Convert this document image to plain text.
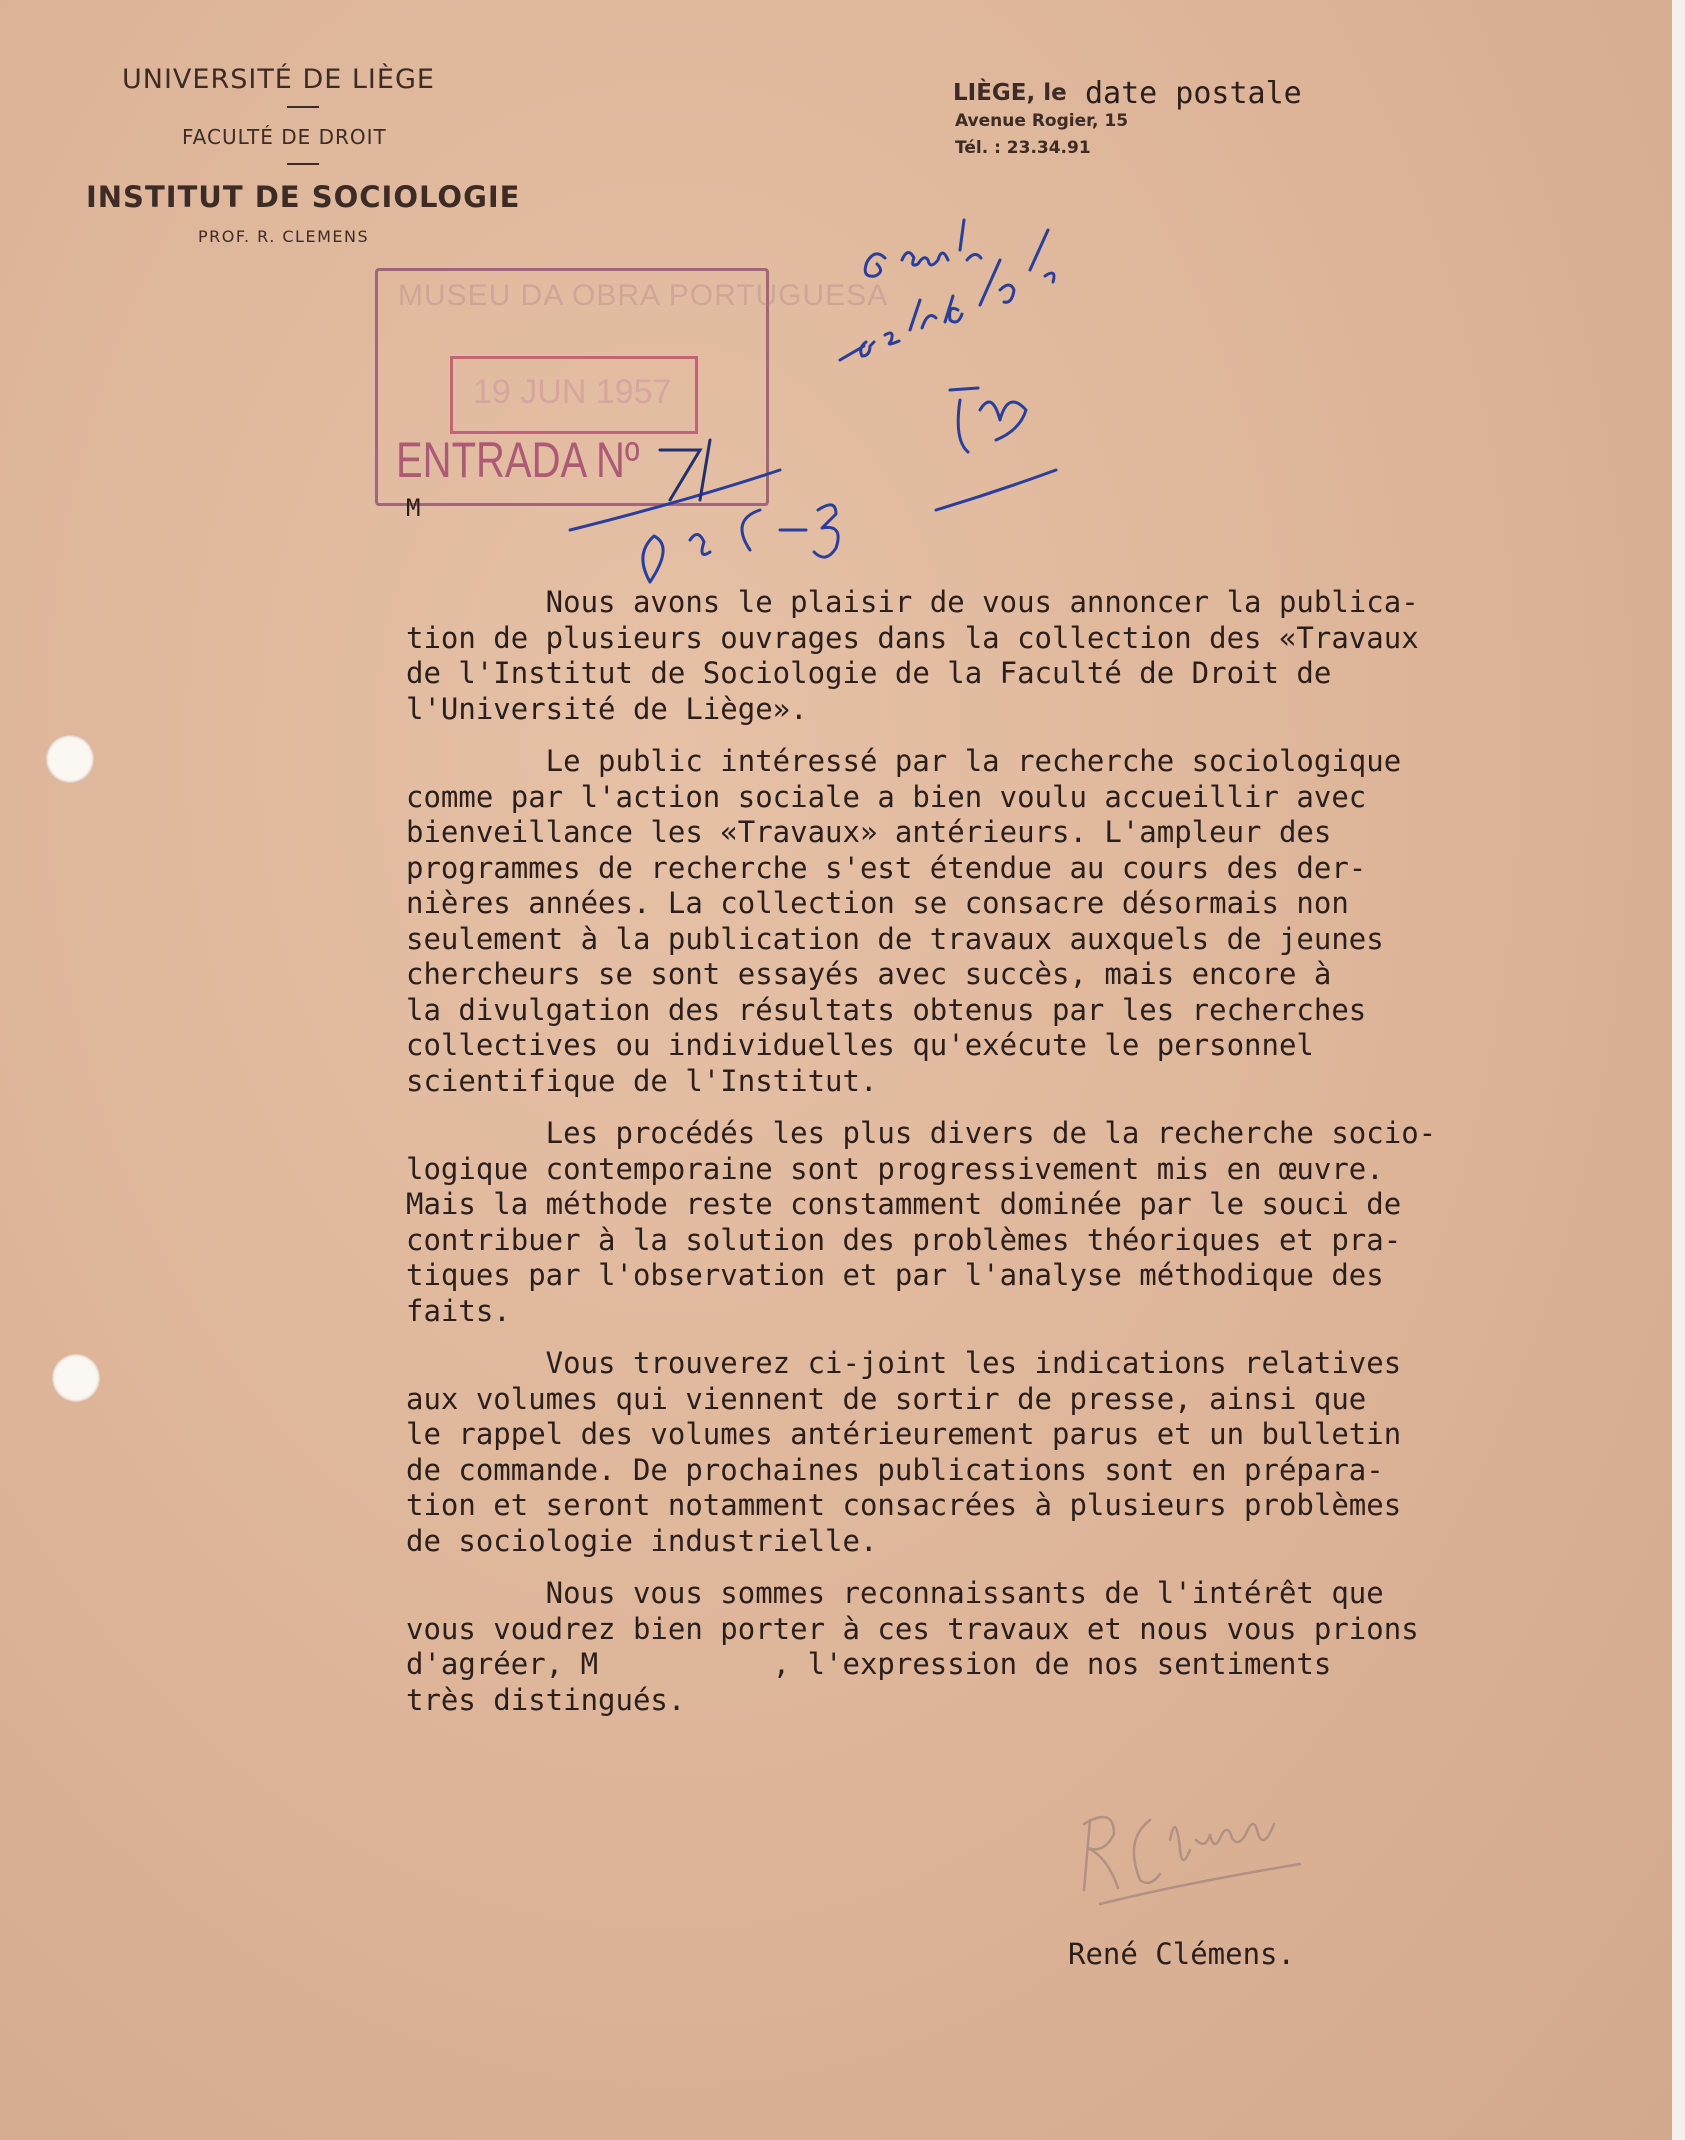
UNIVERSITÉ DE LIÈGE
FACULTÉ DE DROIT
INSTITUT DE SOCIOLOGIE
PROF. R. CLEMENS
LIÈGE, le date postale
Avenue Rogier, 15
Tél. : 23.34.91
MUSEU DA OBRA PORTUGUESA
19 JUN 1957
ENTRADA Nº
C-5/3
M

Nous avons le plaisir de vous annoncer la publica-
tion de plusieurs ouvrages dans la collection des «Travaux
de l'Institut de Sociologie de la Faculté de Droit de
l'Université de Liège».

Le public intéressé par la recherche sociologique
comme par l'action sociale a bien voulu accueillir avec
bienveillance les «Travaux» antérieurs. L'ampleur des
programmes de recherche s'est étendue au cours des der-
nières années. La collection se consacre désormais non
seulement à la publication de travaux auxquels de jeunes
chercheurs se sont essayés avec succès, mais encore à
la divulgation des résultats obtenus par les recherches
collectives ou individuelles qu'exécute le personnel
scientifique de l'Institut.

Les procédés les plus divers de la recherche socio-
logique contemporaine sont progressivement mis en œuvre.
Mais la méthode reste constamment dominée par le souci de
contribuer à la solution des problèmes théoriques et pra-
tiques par l'observation et par l'analyse méthodique des
faits.

Vous trouverez ci-joint les indications relatives
aux volumes qui viennent de sortir de presse, ainsi que
le rappel des volumes antérieurement parus et un bulletin
de commande. De prochaines publications sont en prépara-
tion et seront notamment consacrées à plusieurs problèmes
de sociologie industrielle.

Nous vous sommes reconnaissants de l'intérêt que
vous voudrez bien porter à ces travaux et nous vous prions
d'agréer, M          , l'expression de nos sentiments
très distingués.

René Clémens.
